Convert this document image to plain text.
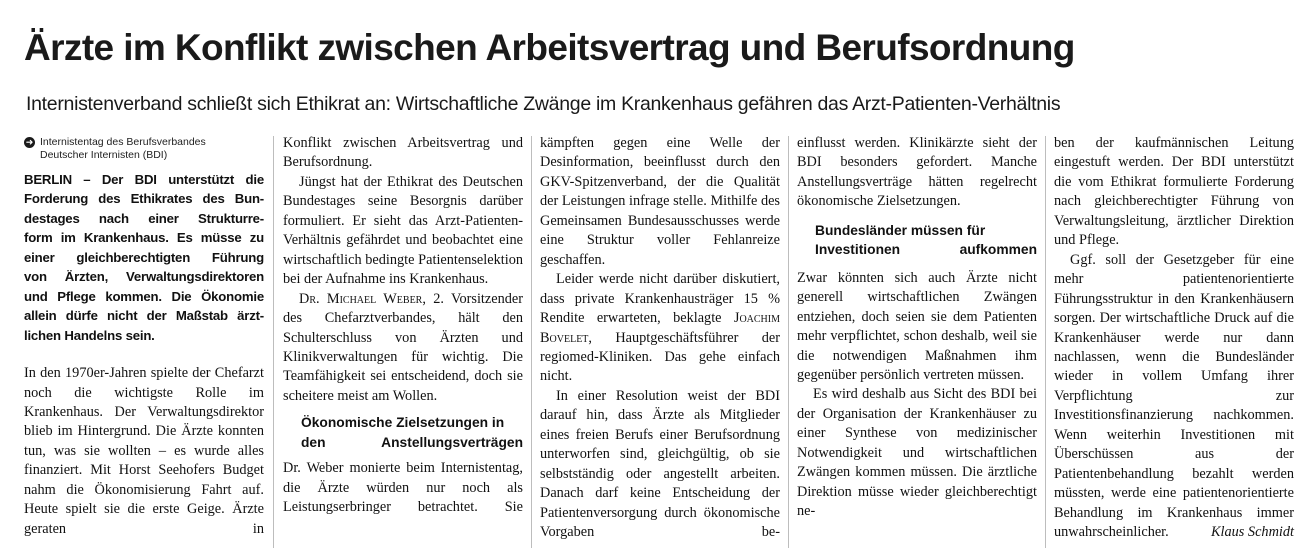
Ärzte im Konflikt zwischen Arbeitsvertrag und Berufsordnung
Internistenverband schließt sich Ethikrat an: Wirtschaftliche Zwänge im Krankenhaus gefähren das Arzt-Patienten-Verhältnis
➜ Internistentag des Berufsverbandes
Deutscher Internisten (BDI)
BERLIN – Der BDI unterstützt die
Forderung des Ethikrates des Bun-
destages nach einer Strukturre-
form im Krankenhaus. Es müsse zu
einer gleichberechtigten Führung
von Ärzten, Verwaltungsdirektoren
und Pflege kommen. Die Ökonomie
allein dürfe nicht der Maßstab ärzt-
lichen Handelns sein.

In den 1970er-Jahren spielte der Chefarzt noch die wichtigste Rolle im Krankenhaus. Der Verwaltungsdirektor blieb im Hintergrund. Die Ärzte konnten tun, was sie wollten – es wurde alles finanziert. Mit Horst Seehofers Budget nahm die Ökonomisierung Fahrt auf. Heute spielt sie die erste Geige. Ärzte geraten in

Konflikt zwischen Arbeitsvertrag und Berufsordnung.

Jüngst hat der Ethikrat des Deutschen Bundestages seine Besorgnis darüber formuliert. Er sieht das Arzt-Patienten-Verhältnis gefährdet und beobachtet eine wirtschaftlich bedingte Patientenselektion bei der Aufnahme ins Krankenhaus.

Dr. Michael Weber, 2. Vorsitzender des Chefarztverbandes, hält den Schulterschluss von Ärzten und Klinikverwaltungen für wichtig. Die Teamfähigkeit sei entscheidend, doch sie scheitere meist am Wollen.

Ökonomische Zielsetzungen in den Anstellungsverträgen

Dr. Weber monierte beim Internistentag, die Ärzte würden nur noch als Leistungserbringer betrachtet. Sie

kämpften gegen eine Welle der Desinformation, beeinflusst durch den GKV-Spitzenverband, der die Qualität der Leistungen infrage stelle. Mithilfe des Gemeinsamen Bundesausschusses werde eine Struktur voller Fehlanreize geschaffen.

Leider werde nicht darüber diskutiert, dass private Krankenhausträger 15 % Rendite erwarteten, beklagte Joachim Bovelet, Hauptgeschäftsführer der regiomed-Kliniken. Das gehe einfach nicht.

In einer Resolution weist der BDI darauf hin, dass Ärzte als Mitglieder eines freien Berufs einer Berufsordnung unterworfen sind, gleichgültig, ob sie selbstständig oder angestellt arbeiten. Danach darf keine Entscheidung der Patientenversorgung durch ökonomische Vorgaben be-

einflusst werden. Klinikärzte sieht der BDI besonders gefordert. Manche Anstellungsverträge hätten regelrecht ökonomische Zielsetzungen.

Bundesländer müssen für Investitionen aufkommen

Zwar könnten sich auch Ärzte nicht generell wirtschaftlichen Zwängen entziehen, doch seien sie dem Patienten mehr verpflichtet, schon deshalb, weil sie die notwendigen Maßnahmen ihm gegenüber persönlich vertreten müssen.

Es wird deshalb aus Sicht des BDI bei der Organisation der Krankenhäuser zu einer Synthese von medizinischer Notwendigkeit und wirtschaftlichen Zwängen kommen müssen. Die ärztliche Direktion müsse wieder gleichberechtigt ne-

ben der kaufmännischen Leitung eingestuft werden. Der BDI unterstützt die vom Ethikrat formulierte Forderung nach gleichberechtigter Führung von Verwaltungsleitung, ärztlicher Direktion und Pflege.

Ggf. soll der Gesetzgeber für eine mehr patientenorientierte Führungsstruktur in den Krankenhäusern sorgen. Der wirtschaftliche Druck auf die Krankenhäuser werde nur dann nachlassen, wenn die Bundesländer wieder in vollem Umfang ihrer Verpflichtung zur Investitionsfinanzierung nachkommen. Wenn weiterhin Investitionen mit Überschüssen aus der Patientenbehandlung bezahlt werden müssten, werde eine patientenorientierte Behandlung im Krankenhaus immer unwahrscheinlicher.	Klaus Schmidt
